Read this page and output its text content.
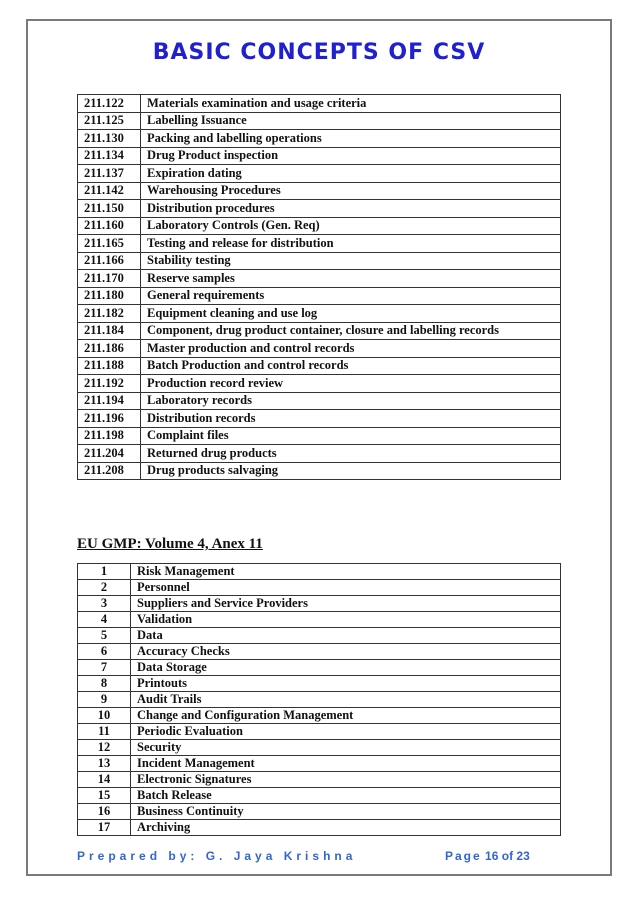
BASIC CONCEPTS OF CSV
211.122	Materials examination and usage criteria
211.125	Labelling Issuance
211.130	Packing and labelling operations
211.134	Drug Product inspection
211.137	Expiration dating
211.142	Warehousing Procedures
211.150	Distribution procedures
211.160	Laboratory Controls (Gen. Req)
211.165	Testing and release for distribution
211.166	Stability testing
211.170	Reserve samples
211.180	General requirements
211.182	Equipment cleaning and use log
211.184	Component, drug product container, closure and labelling records
211.186	Master production and control records
211.188	Batch Production and control records
211.192	Production record review
211.194	Laboratory records
211.196	Distribution records
211.198	Complaint files
211.204	Returned drug products
211.208	Drug products salvaging
EU GMP: Volume 4, Anex 11
1	Risk Management
2	Personnel
3	Suppliers and Service Providers
4	Validation
5	Data
6	Accuracy Checks
7	Data Storage
8	Printouts
9	Audit Trails
10	Change and Configuration Management
11	Periodic Evaluation
12	Security
13	Incident Management
14	Electronic Signatures
15	Batch Release
16	Business Continuity
17	Archiving
Prepared by: G. Jaya Krishna	Page 16 of 23
